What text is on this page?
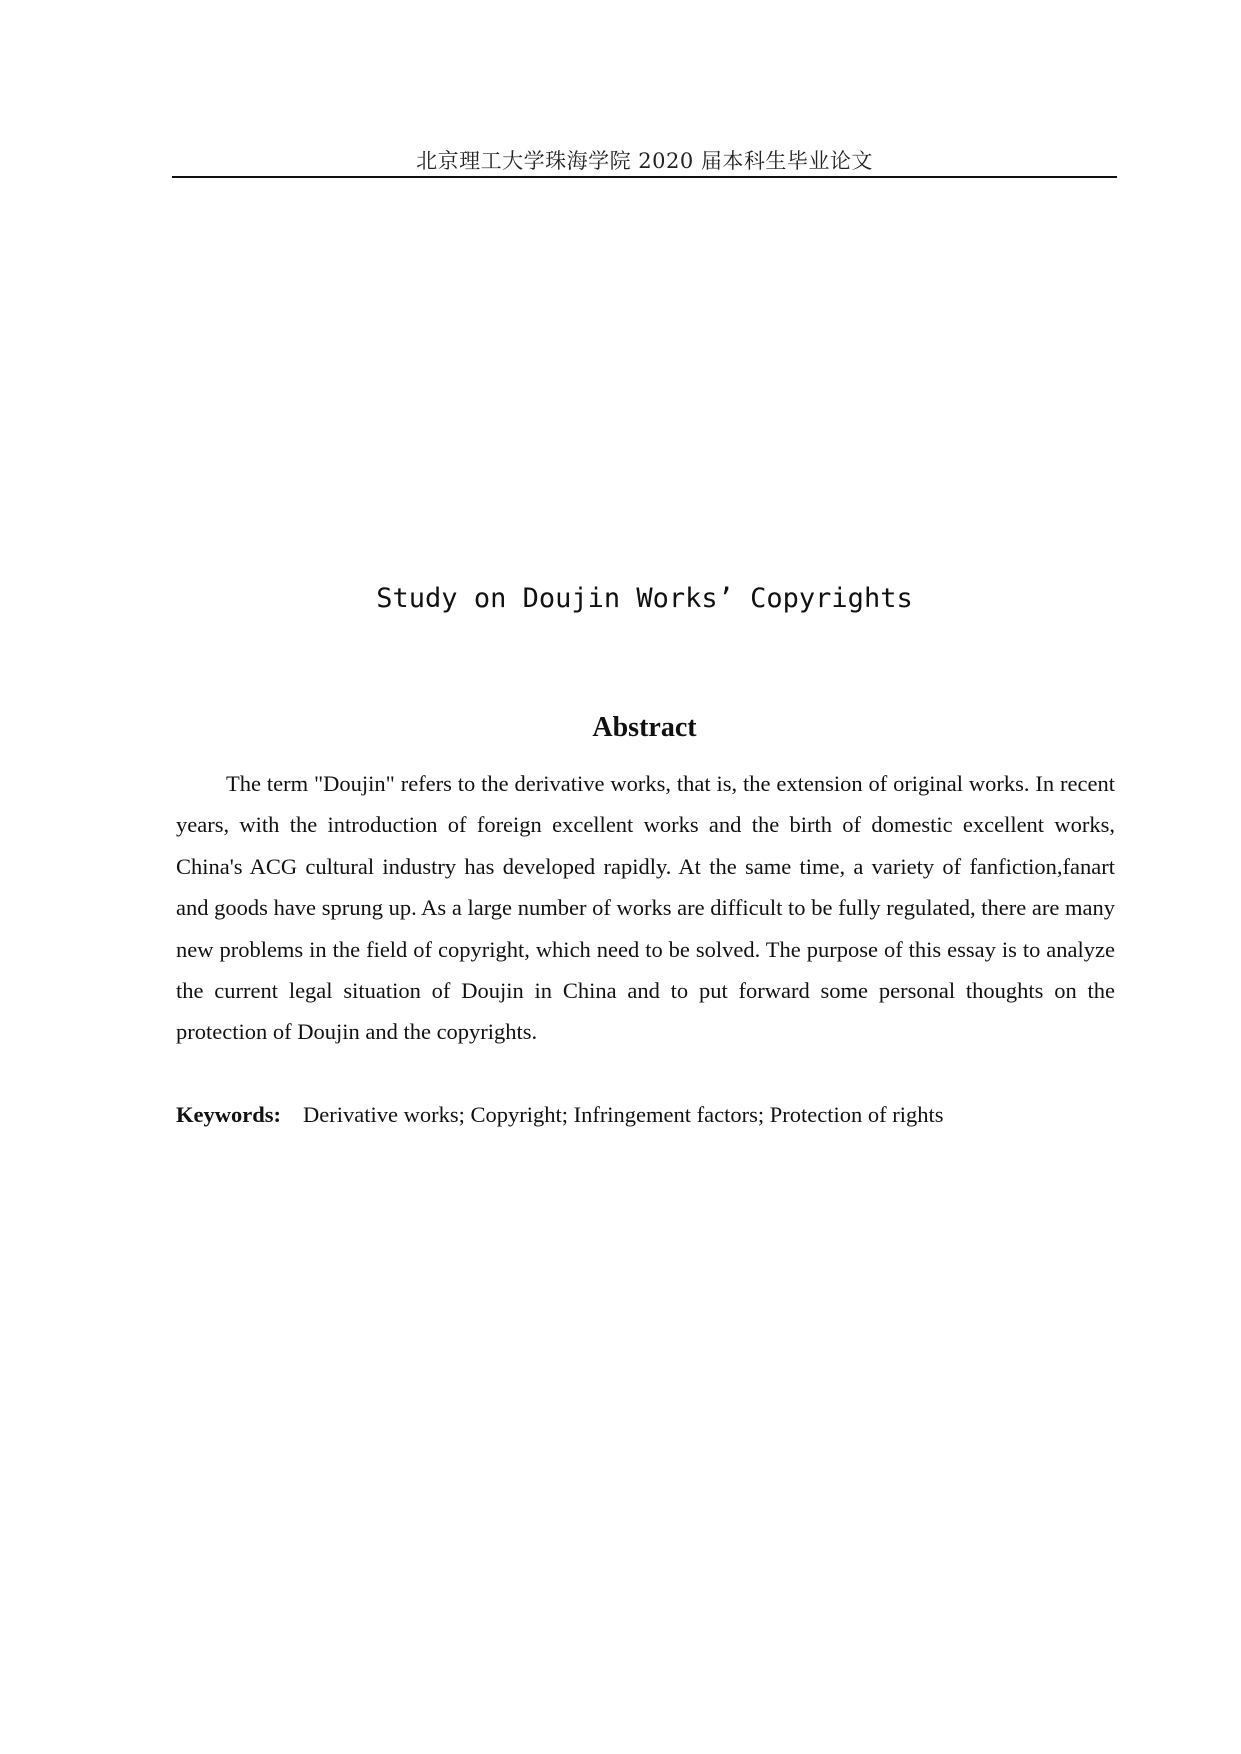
北京理工大学珠海学院 2020 届本科生毕业论文
Study on Doujin Works’ Copyrights
Abstract

The term "Doujin" refers to the derivative works, that is, the extension of original works. In recent years, with the introduction of foreign excellent works and the birth of domestic excellent works, China's ACG cultural industry has developed rapidly. At the same time, a variety of fanfiction,fanart and goods have sprung up. As a large number of works are difficult to be fully regulated, there are many new problems in the field of copyright, which need to be solved. The purpose of this essay is to analyze the current legal situation of Doujin in China and to put forward some personal thoughts on the protection of Doujin and the copyrights.

Keywords: Derivative works; Copyright; Infringement factors; Protection of rights
